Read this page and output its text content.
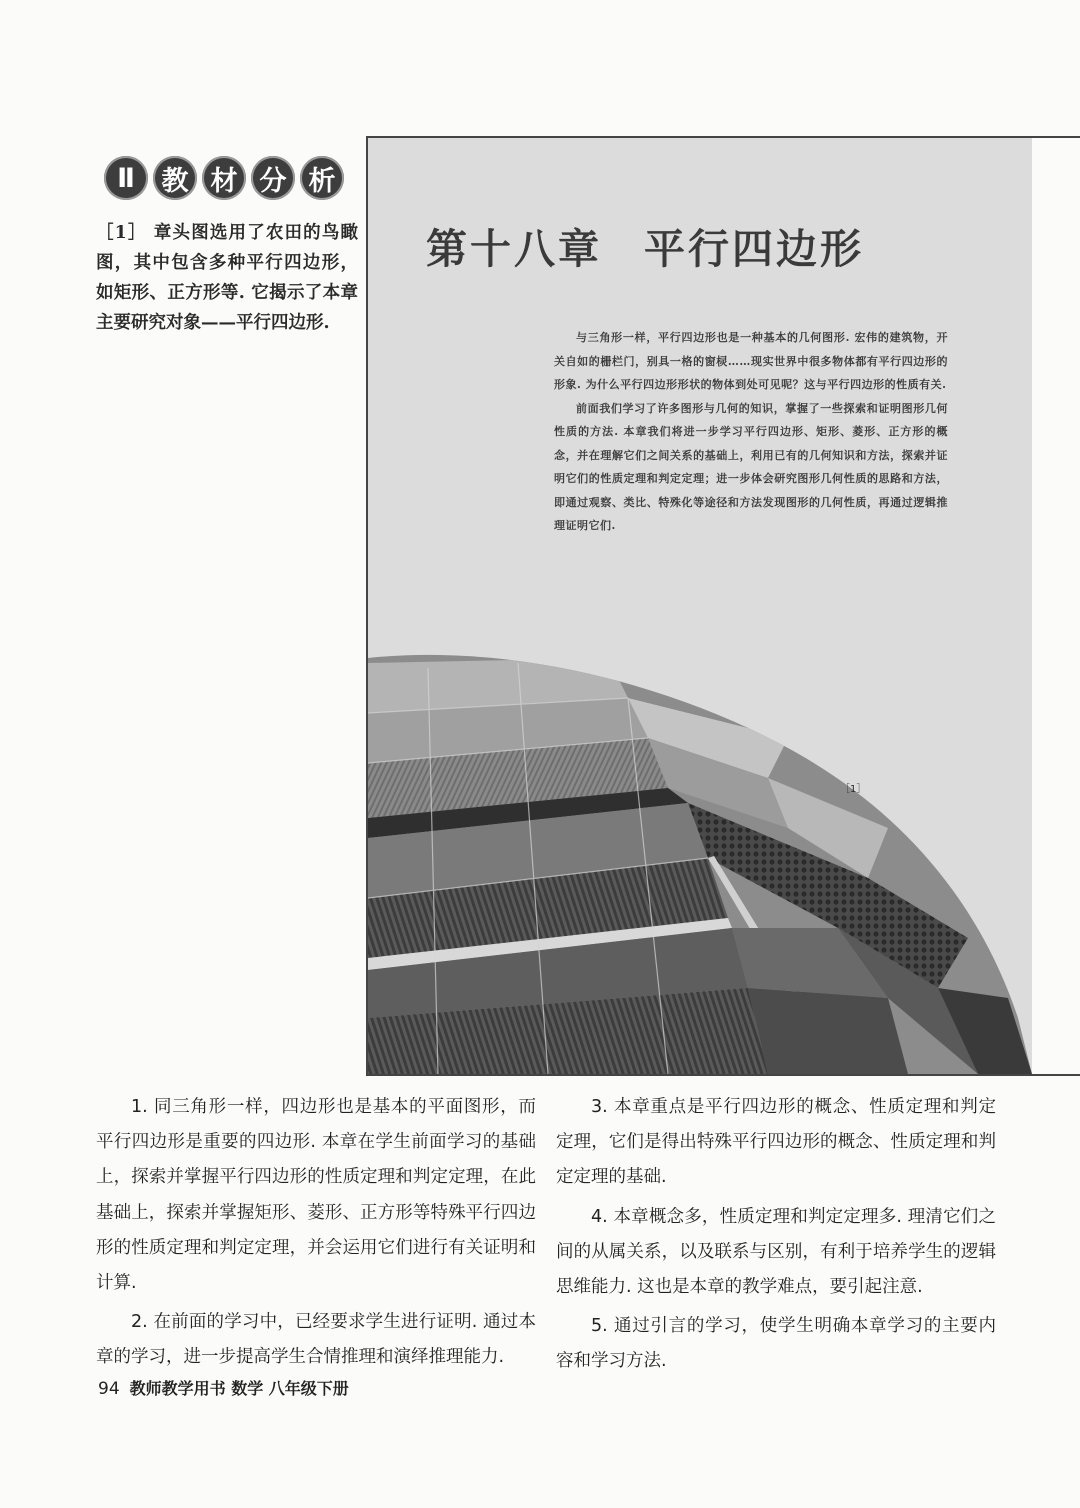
Ⅱ 教 材 分 析
［1］ 章头图选用了农田的鸟瞰图，其中包含多种平行四边形，如矩形、正方形等. 它揭示了本章主要研究对象——平行四边形.
第十八章 平行四边形

与三角形一样，平行四边形也是一种基本的几何图形. 宏伟的建筑物，开关自如的栅栏门，别具一格的窗棂……现实世界中很多物体都有平行四边形的形象. 为什么平行四边形形状的物体到处可见呢？这与平行四边形的性质有关.

前面我们学习了许多图形与几何的知识，掌握了一些探索和证明图形几何性质的方法. 本章我们将进一步学习平行四边形、矩形、菱形、正方形的概念，并在理解它们之间关系的基础上，利用已有的几何知识和方法，探索并证明它们的性质定理和判定定理；进一步体会研究图形几何性质的思路和方法，即通过观察、类比、特殊化等途径和方法发现图形的几何性质，再通过逻辑推理证明它们.

［1］

1. 同三角形一样，四边形也是基本的平面图形，而平行四边形是重要的四边形. 本章在学生前面学习的基础上，探索并掌握平行四边形的性质定理和判定定理，在此基础上，探索并掌握矩形、菱形、正方形等特殊平行四边形的性质定理和判定定理，并会运用它们进行有关证明和计算.

2. 在前面的学习中，已经要求学生进行证明. 通过本章的学习，进一步提高学生合情推理和演绎推理能力.

3. 本章重点是平行四边形的概念、性质定理和判定定理，它们是得出特殊平行四边形的概念、性质定理和判定定理的基础.

4. 本章概念多，性质定理和判定定理多. 理清它们之间的从属关系，以及联系与区别，有利于培养学生的逻辑思维能力. 这也是本章的教学难点，要引起注意.

5. 通过引言的学习，使学生明确本章学习的主要内容和学习方法.

94 教师教学用书 数学 八年级下册
